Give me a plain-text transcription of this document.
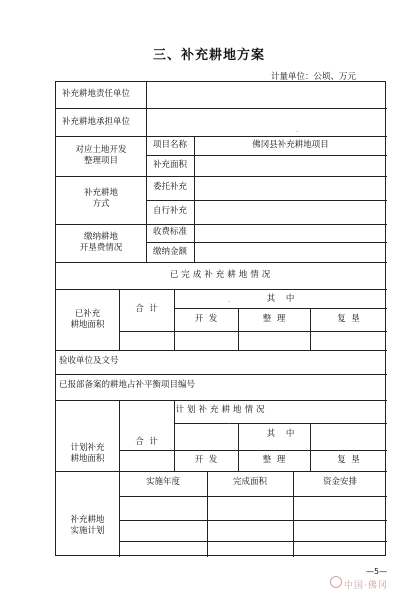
三、补充耕地方案
计量单位：公顷、万元
补充耕地责任单位
补充耕地承担单位
对应土地开发
整理项目
项目名称	佛冈县补充耕地项目
补充面积
补充耕地
方式
委托补充
自行补充
缴纳耕地
开垦费情况
收费标准
缴纳金额
已完成补充耕地情况
已补充
耕地面积
合  计
其    中
开  发	整  理	复  垦
验收单位及文号
已报部备案的耕地占补平衡项目编号
计划补充耕地情况
计划补充
耕地面积
合  计
其    中
开  发	整  理	复  垦
补充耕地
实施计划
实施年度	完成面积	资金安排
·
·
·
—5—
中国·佛冈
